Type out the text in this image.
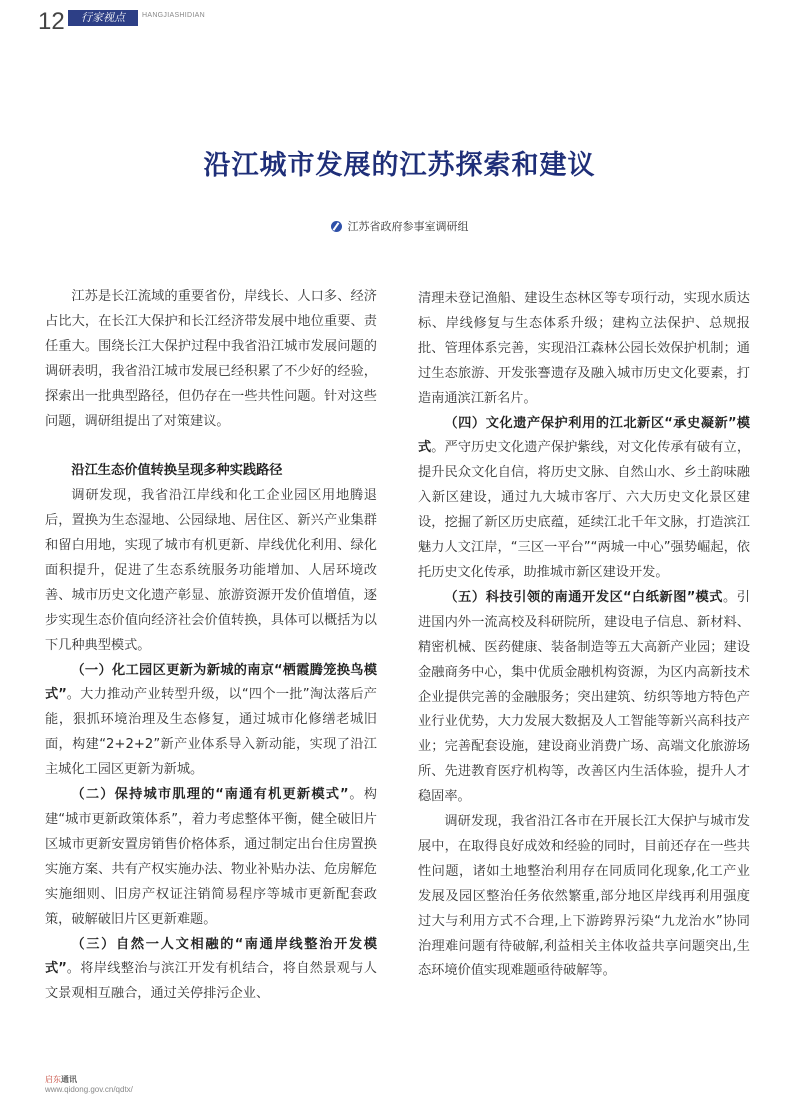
12	行家视点	HANGJIASHIDIAN
沿江城市发展的江苏探索和建议
江苏省政府参事室调研组

江苏是长江流域的重要省份，岸线长、人口多、经济占比大，在长江大保护和长江经济带发展中地位重要、责任重大。围绕长江大保护过程中我省沿江城市发展问题的调研表明，我省沿江城市发展已经积累了不少好的经验，探索出一批典型路径，但仍存在一些共性问题。针对这些问题，调研组提出了对策建议。

沿江生态价值转换呈现多种实践路径

调研发现，我省沿江岸线和化工企业园区用地腾退后，置换为生态湿地、公园绿地、居住区、新兴产业集群和留白用地，实现了城市有机更新、岸线优化利用、绿化面积提升，促进了生态系统服务功能增加、人居环境改善、城市历史文化遗产彰显、旅游资源开发价值增值，逐步实现生态价值向经济社会价值转换，具体可以概括为以下几种典型模式。

（一）化工园区更新为新城的南京“栖霞腾笼换鸟模式”。大力推动产业转型升级，以“四个一批”淘汰落后产能，狠抓环境治理及生态修复，通过城市化修缮老城旧面，构建“2+2+2”新产业体系导入新动能，实现了沿江主城化工园区更新为新城。

（二）保持城市肌理的“南通有机更新模式”。构建“城市更新政策体系”，着力考虑整体平衡，健全破旧片区城市更新安置房销售价格体系，通过制定出台住房置换实施方案、共有产权实施办法、物业补贴办法、危房解危实施细则、旧房产权证注销简易程序等城市更新配套政策，破解破旧片区更新难题。

（三）自然一人文相融的“南通岸线整治开发模式”。将岸线整治与滨江开发有机结合，将自然景观与人文景观相互融合，通过关停排污企业、

清理未登记渔船、建设生态林区等专项行动，实现水质达标、岸线修复与生态体系升级；建构立法保护、总规报批、管理体系完善，实现沿江森林公园长效保护机制；通过生态旅游、开发张謇遗存及融入城市历史文化要素，打造南通滨江新名片。

（四）文化遗产保护利用的江北新区“承史凝新”模式。严守历史文化遗产保护紫线，对文化传承有破有立，提升民众文化自信，将历史文脉、自然山水、乡土韵味融入新区建设，通过九大城市客厅、六大历史文化景区建设，挖掘了新区历史底蕴，延续江北千年文脉，打造滨江魅力人文江岸，“三区一平台”“两城一中心”强势崛起，依托历史文化传承，助推城市新区建设开发。

（五）科技引领的南通开发区“白纸新图”模式。引进国内外一流高校及科研院所，建设电子信息、新材料、精密机械、医药健康、装备制造等五大高新产业园；建设金融商务中心，集中优质金融机构资源，为区内高新技术企业提供完善的金融服务；突出建筑、纺织等地方特色产业行业优势，大力发展大数据及人工智能等新兴高科技产业；完善配套设施，建设商业消费广场、高端文化旅游场所、先进教育医疗机构等，改善区内生活体验，提升人才稳固率。

调研发现，我省沿江各市在开展长江大保护与城市发展中，在取得良好成效和经验的同时，目前还存在一些共性问题，诸如土地整治利用存在同质同化现象,化工产业发展及园区整治任务依然繁重,部分地区岸线再利用强度过大与利用方式不合理,上下游跨界污染“九龙治水”协同治理难问题有待破解,利益相关主体收益共享问题突出,生态环境价值实现难题亟待破解等。

启东通讯
www.qidong.gov.cn/qdtx/
